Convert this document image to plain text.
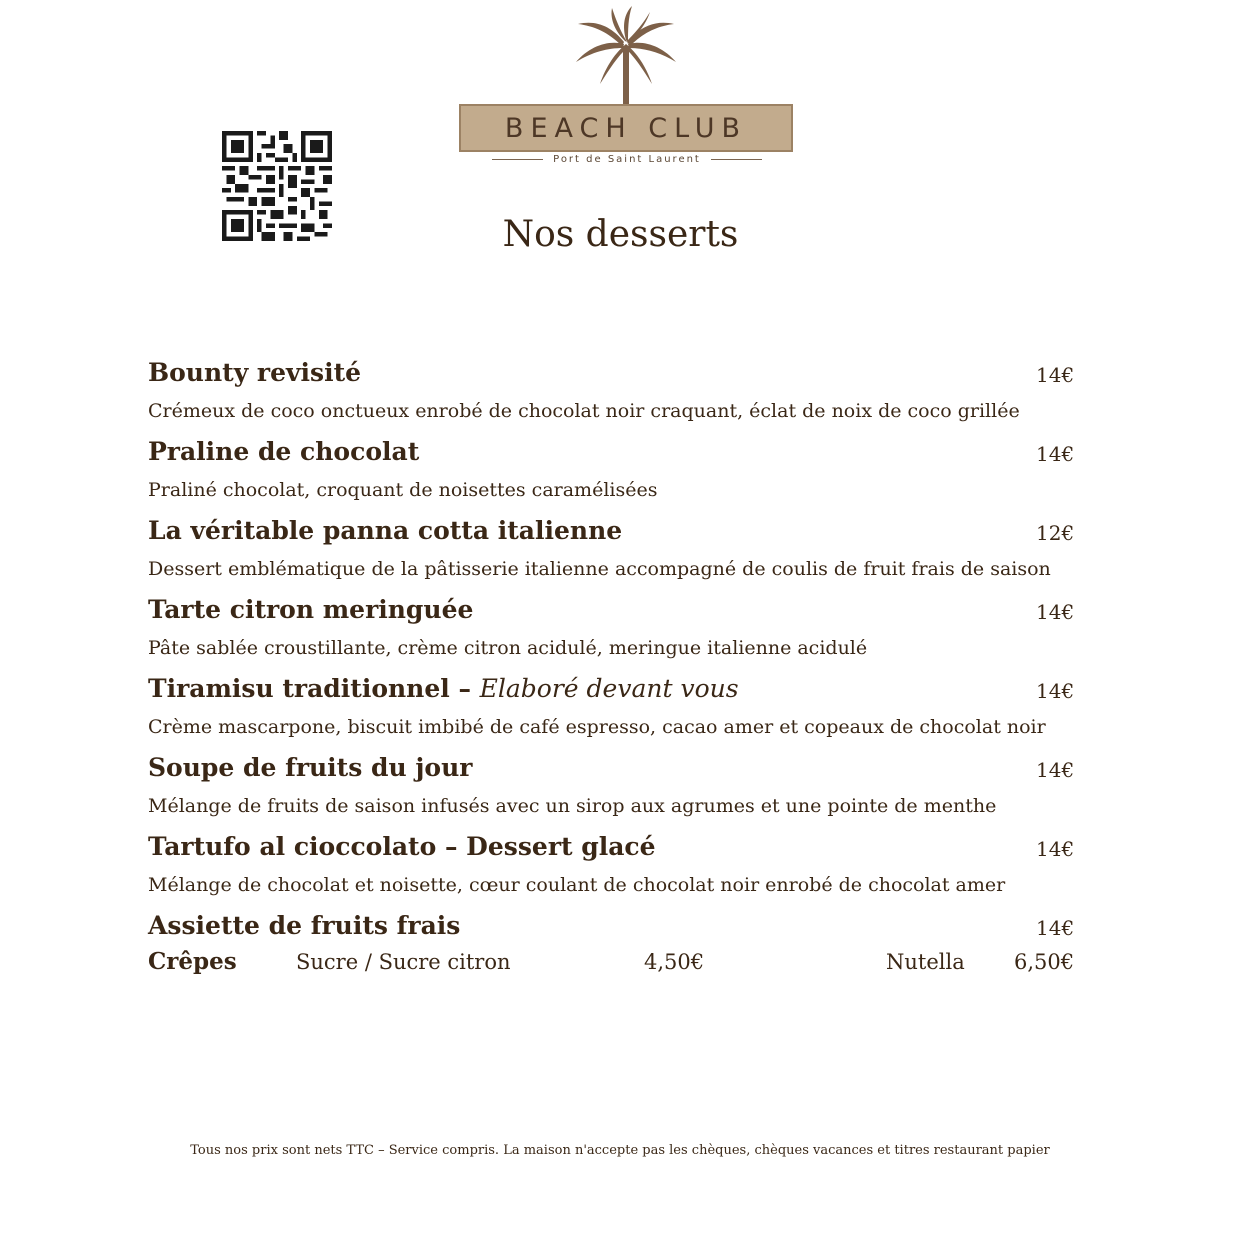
BEACH CLUB
Port de Saint Laurent
Nos desserts
Bounty revisité	14€
Crémeux de coco onctueux enrobé de chocolat noir craquant, éclat de noix de coco grillée
Praline de chocolat	14€
Praliné chocolat, croquant de noisettes caramélisées
La véritable panna cotta italienne	12€
Dessert emblématique de la pâtisserie italienne accompagné de coulis de fruit frais de saison
Tarte citron meringuée	14€
Pâte sablée croustillante, crème citron acidulé, meringue italienne acidulé
Tiramisu traditionnel – Elaboré devant vous	14€
Crème mascarpone, biscuit imbibé de café espresso, cacao amer et copeaux de chocolat noir
Soupe de fruits du jour	14€
Mélange de fruits de saison infusés avec un sirop aux agrumes et une pointe de menthe
Tartufo al cioccolato – Dessert glacé	14€
Mélange de chocolat et noisette, cœur coulant de chocolat noir enrobé de chocolat amer
Assiette de fruits frais	14€
Crêpes	Sucre / Sucre citron	4,50€	Nutella 6,50€
Tous nos prix sont nets TTC – Service compris. La maison n'accepte pas les chèques, chèques vacances et titres restaurant papier
